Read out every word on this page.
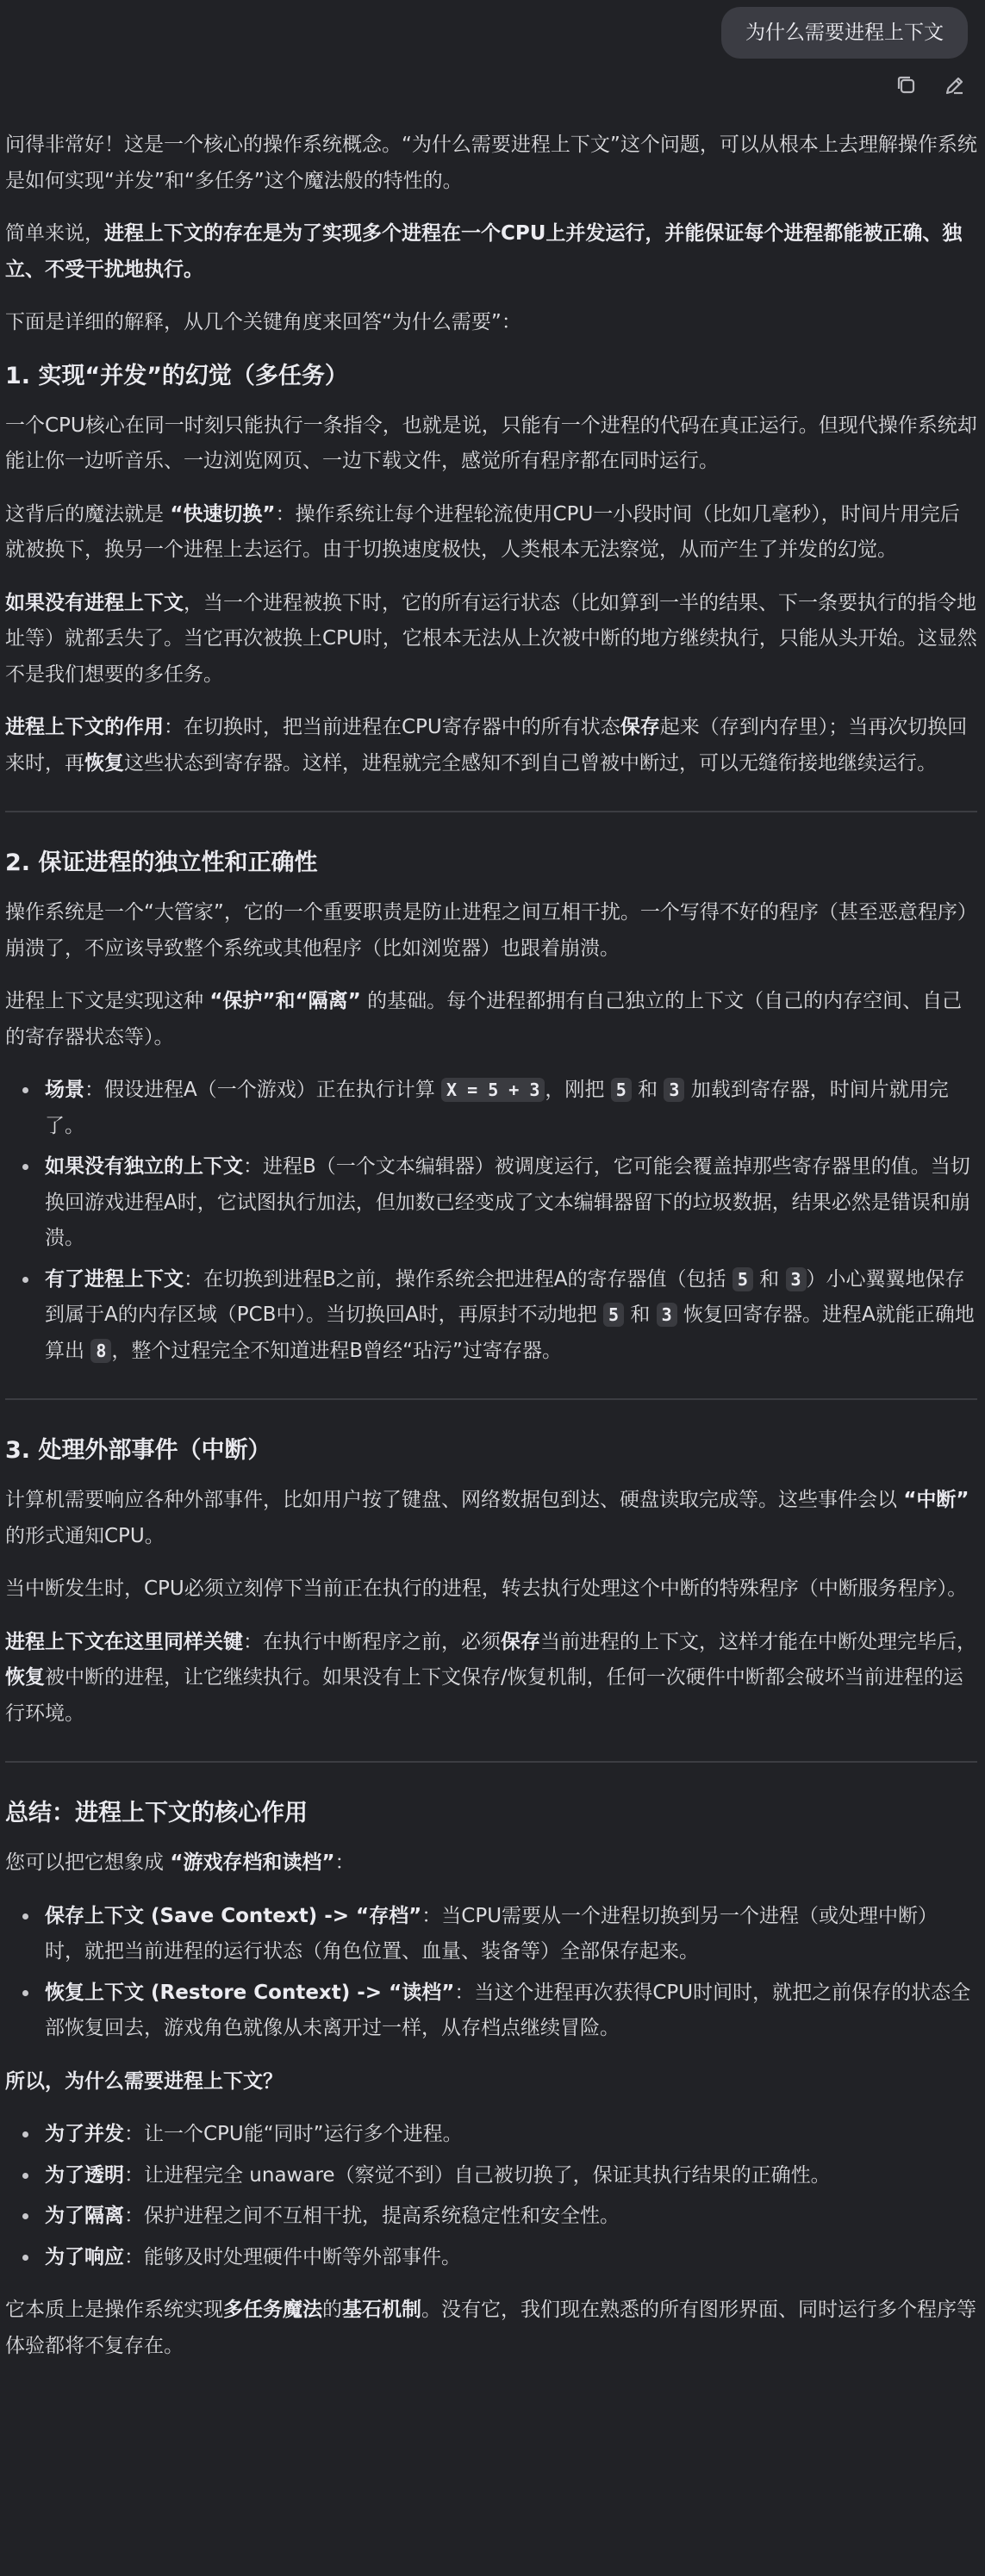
为什么需要进程上下文

问得非常好！这是一个核心的操作系统概念。“为什么需要进程上下文”这个问题，可以从根本上去理解操作系统是如何实现“并发”和“多任务”这个魔法般的特性的。

简单来说，进程上下文的存在是为了实现多个进程在一个CPU上并发运行，并能保证每个进程都能被正确、独立、不受干扰地执行。

下面是详细的解释，从几个关键角度来回答“为什么需要”：

1. 实现“并发”的幻觉（多任务）

一个CPU核心在同一时刻只能执行一条指令，也就是说，只能有一个进程的代码在真正运行。但现代操作系统却能让你一边听音乐、一边浏览网页、一边下载文件，感觉所有程序都在同时运行。

这背后的魔法就是 “快速切换”：操作系统让每个进程轮流使用CPU一小段时间（比如几毫秒），时间片用完后就被换下，换另一个进程上去运行。由于切换速度极快，人类根本无法察觉，从而产生了并发的幻觉。

如果没有进程上下文，当一个进程被换下时，它的所有运行状态（比如算到一半的结果、下一条要执行的指令地址等）就都丢失了。当它再次被换上CPU时，它根本无法从上次被中断的地方继续执行，只能从头开始。这显然不是我们想要的多任务。

进程上下文的作用：在切换时，把当前进程在CPU寄存器中的所有状态保存起来（存到内存里）；当再次切换回来时，再恢复这些状态到寄存器。这样，进程就完全感知不到自己曾被中断过，可以无缝衔接地继续运行。

2. 保证进程的独立性和正确性

操作系统是一个“大管家”，它的一个重要职责是防止进程之间互相干扰。一个写得不好的程序（甚至恶意程序）崩溃了，不应该导致整个系统或其他程序（比如浏览器）也跟着崩溃。

进程上下文是实现这种 “保护”和“隔离” 的基础。每个进程都拥有自己独立的上下文（自己的内存空间、自己的寄存器状态等）。

• 场景：假设进程A（一个游戏）正在执行计算 X = 5 + 3 ，刚把 5 和 3 加载到寄存器，时间片就用完了。
• 如果没有独立的上下文：进程B（一个文本编辑器）被调度运行，它可能会覆盖掉那些寄存器里的值。当切换回游戏进程A时，它试图执行加法，但加数已经变成了文本编辑器留下的垃圾数据，结果必然是错误和崩溃。
• 有了进程上下文：在切换到进程B之前，操作系统会把进程A的寄存器值（包括 5 和 3 ）小心翼翼地保存到属于A的内存区域（PCB中）。当切换回A时，再原封不动地把 5 和 3 恢复回寄存器。进程A就能正确地算出 8 ，整个过程完全不知道进程B曾经“玷污”过寄存器。
3. 处理外部事件（中断）

计算机需要响应各种外部事件，比如用户按了键盘、网络数据包到达、硬盘读取完成等。这些事件会以 “中断” 的形式通知CPU。

当中断发生时，CPU必须立刻停下当前正在执行的进程，转去执行处理这个中断的特殊程序（中断服务程序）。

进程上下文在这里同样关键：在执行中断程序之前，必须保存当前进程的上下文，这样才能在中断处理完毕后，恢复被中断的进程，让它继续执行。如果没有上下文保存/恢复机制，任何一次硬件中断都会破坏当前进程的运行环境。

总结：进程上下文的核心作用

您可以把它想象成 “游戏存档和读档”：

• 保存上下文 (Save Context) -> “存档”：当CPU需要从一个进程切换到另一个进程（或处理中断）时，就把当前进程的运行状态（角色位置、血量、装备等）全部保存起来。
• 恢复上下文 (Restore Context) -> “读档”：当这个进程再次获得CPU时间时，就把之前保存的状态全部恢复回去，游戏角色就像从未离开过一样，从存档点继续冒险。

所以，为什么需要进程上下文？

• 为了并发：让一个CPU能“同时”运行多个进程。
• 为了透明：让进程完全 unaware（察觉不到）自己被切换了，保证其执行结果的正确性。
• 为了隔离：保护进程之间不互相干扰，提高系统稳定性和安全性。
• 为了响应：能够及时处理硬件中断等外部事件。

它本质上是操作系统实现多任务魔法的基石机制。没有它，我们现在熟悉的所有图形界面、同时运行多个程序等体验都将不复存在。
